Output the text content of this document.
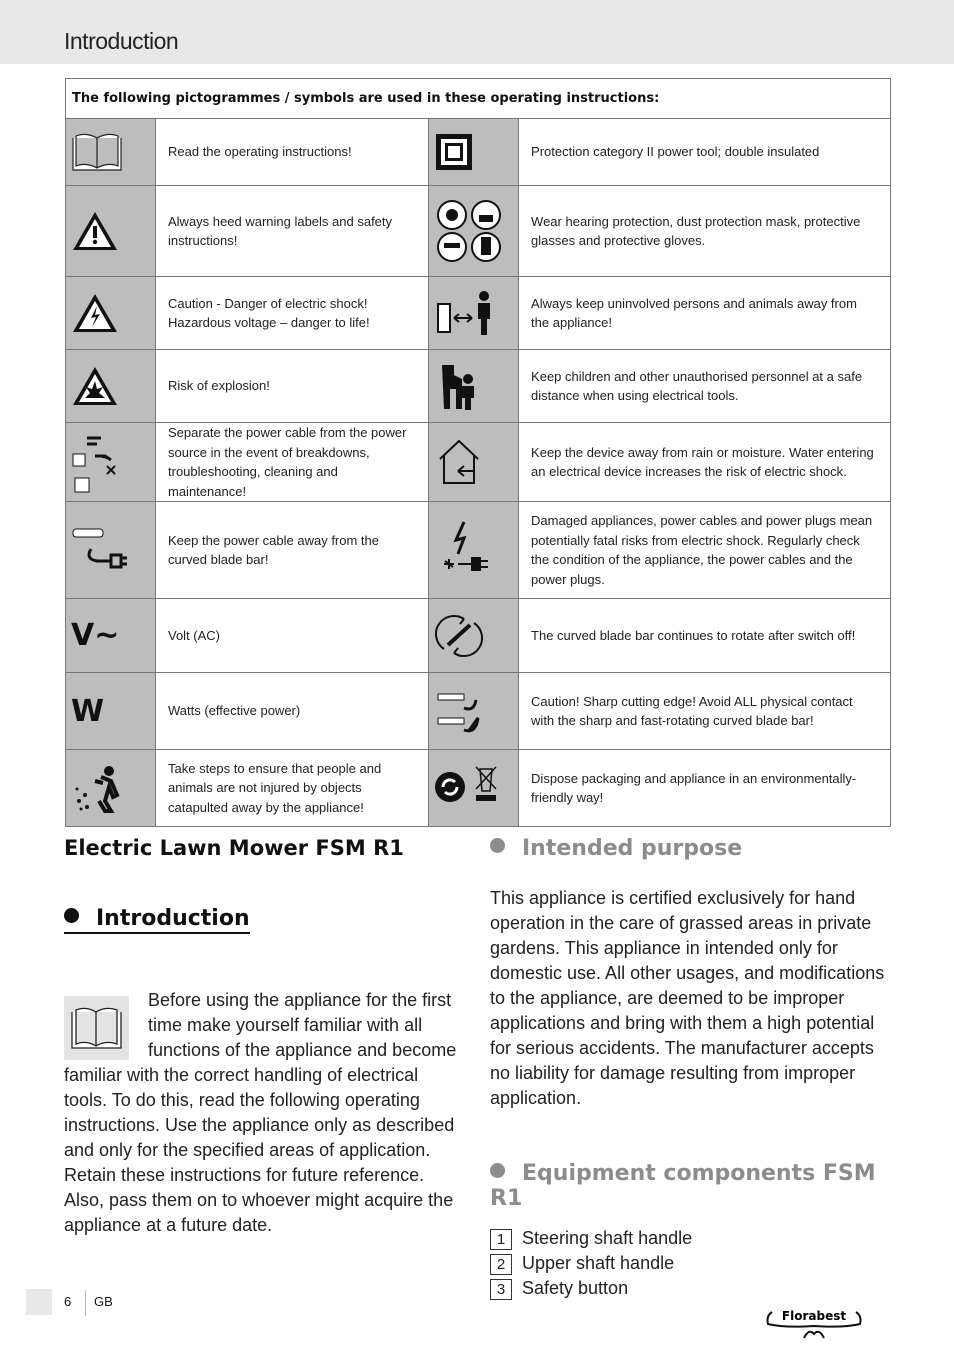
Introduction
The following pictogrammes / symbols are used in these operating instructions:			

	Read the operating instructions!		Protection category II power tool; double insulated

	Always heed warning labels and safety instructions!		Wear hearing protection, dust protection mask, protective glasses and protective gloves.

	Caution - Danger of electric shock! Hazardous voltage – danger to life!		Always keep uninvolved persons and animals away from the appliance!

	Risk of explosion!		Keep children and other unauthorised personnel at a safe distance when using electrical tools.

	Separate the power cable from the power source in the event of breakdowns, troubleshooting, cleaning and maintenance!		Keep the device away from rain or moisture. Water entering an electrical device increases the risk of electric shock.

	Keep the power cable away from the curved blade bar!		Damaged appliances, power cables and power plugs mean potentially fatal risks from electric shock. Regularly check the condition of the appliance, the power cables and the power plugs.
V~	Volt (AC)		The curved blade bar continues to rotate after switch off!
W	Watts (effective power)		Caution! Sharp cutting edge! Avoid ALL physical contact with the sharp and fast-rotating curved blade bar!

	Take steps to ensure that people and animals are not injured by objects catapulted away by the appliance!		Dispose packaging and appliance in an environmentally-friendly way!
Electric Lawn Mower FSM R1
Introduction
Before using the appliance for the first time make yourself familiar with all functions of the appliance and become familiar with the correct handling of electrical tools. To do this, read the following operating instructions. Use the appliance only as described and only for the specified areas of application. Retain these instructions for future reference. Also, pass them on to whoever might acquire the appliance at a future date.
Intended purpose
This appliance is certified exclusively for hand operation in the care of grassed areas in private gardens. This appliance in intended only for domestic use. All other usages, and modifications to the appliance, are deemed to be improper applications and bring with them a high potential for serious accidents. The manufacturer accepts no liability for damage resulting from improper application.
Equipment components FSM R1
1 Steering shaft handle
2 Upper shaft handle
3 Safety button
6 GB
Florabest
